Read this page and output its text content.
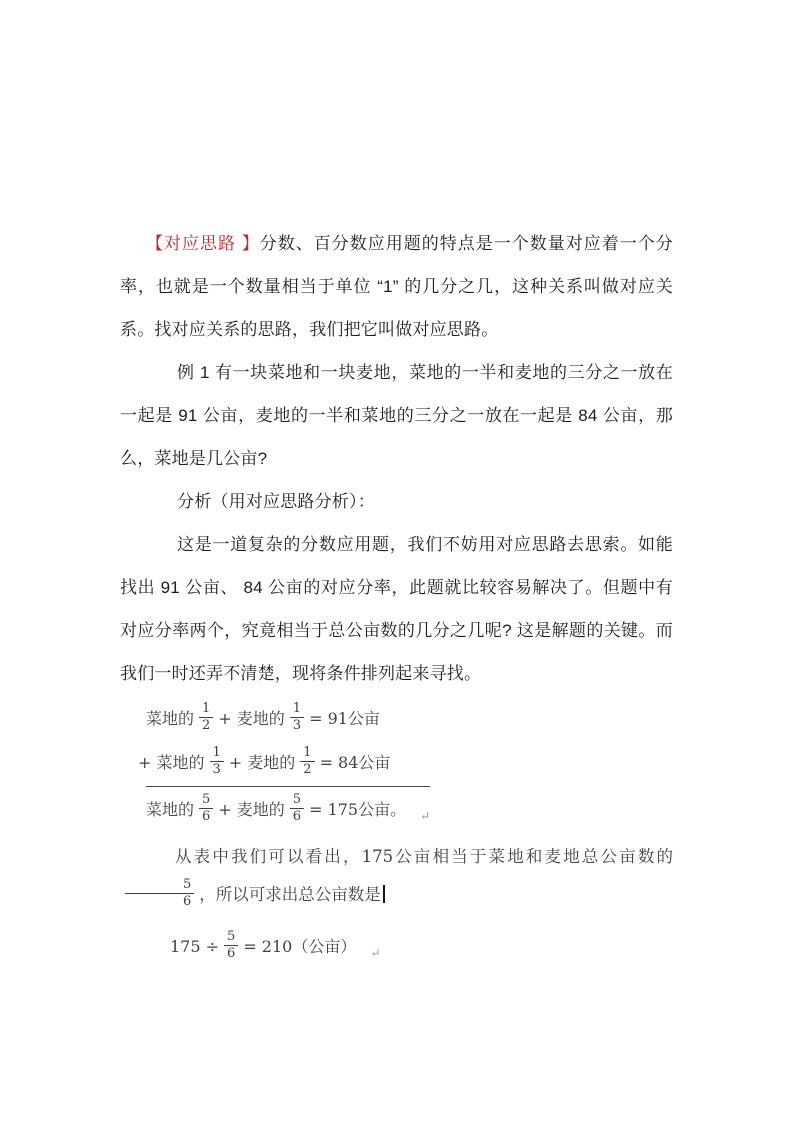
【对应思路 】分数、百分数应用题的特点是一个数量对应着一个分率，也就是一个数量相当于单位 “1” 的几分之几，这种关系叫做对应关系。找对应关系的思路，我们把它叫做对应思路。

例 1 有一块菜地和一块麦地，菜地的一半和麦地的三分之一放在一起是 91 公亩，麦地的一半和菜地的三分之一放在一起是 84 公亩，那么，菜地是几公亩?

分析（用对应思路分析）：

这是一道复杂的分数应用题，我们不妨用对应思路去思索。如能找出 91 公亩、 84 公亩的对应分率，此题就比较容易解决了。但题中有对应分率两个，究竟相当于总公亩数的几分之几呢? 这是解题的关键。而我们一时还弄不清楚，现将条件排列起来寻找。

菜地的 $\frac{1}{2}$ + 麦地的 $\frac{1}{3} = 91$公亩
+ 菜地的 $\frac{1}{3}$ + 麦地的 $\frac{1}{2} = 84$公亩
菜地的 $\frac{5}{6}$ + 麦地的 $\frac{5}{6} = 175$公亩。 $_↵$

从表中我们可以看出，175公亩相当于菜地和麦地总公亩数的
$\frac{5}{6}$ ，所以可求出总公亩数是

$175 \div \frac{5}{6} = 210$（公亩） $_↵$
